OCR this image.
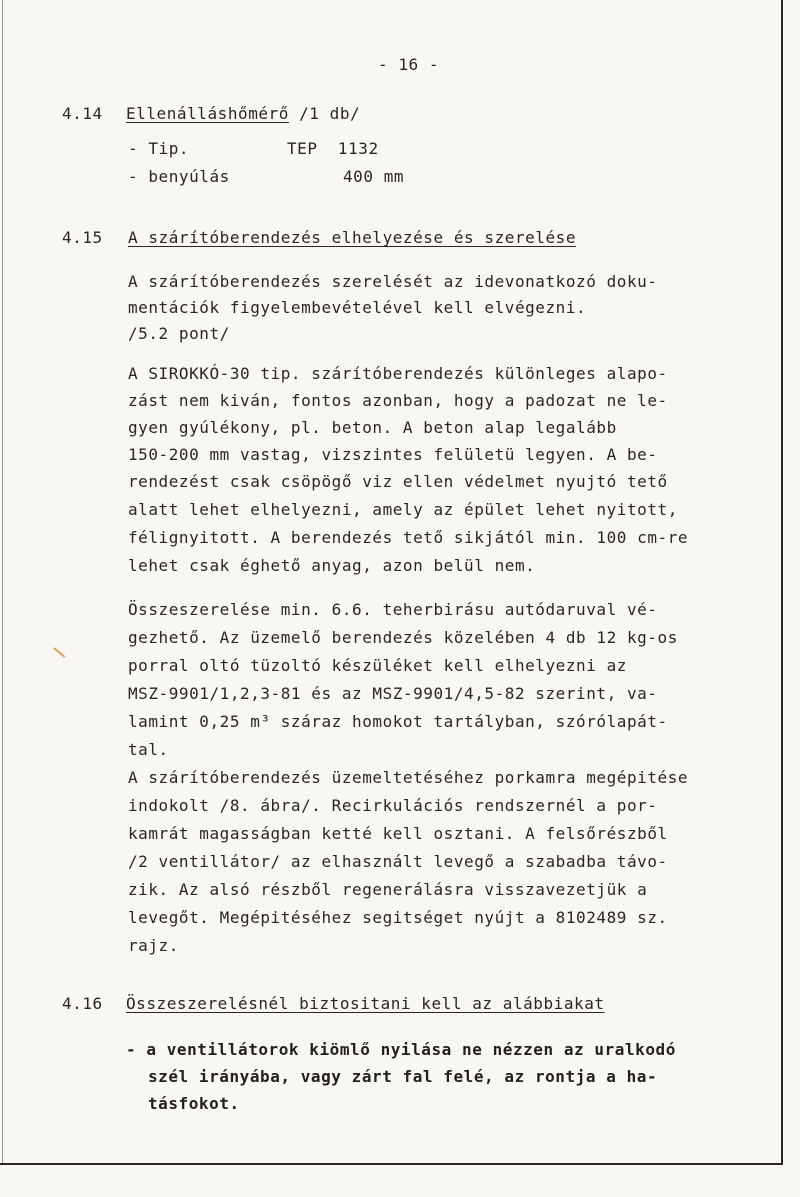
- 16 -
4.14 Ellenálláshőmérő /1 db/
- Tip.	TEP  1132
- benyúlás	400 mm
4.15 A szárítóberendezés elhelyezése és szerelése
A szárítóberendezés szerelését az idevonatkozó doku-
mentációk figyelembevételével kell elvégezni.
/5.2 pont/
A SIROKKÓ-30 tip. szárítóberendezés különleges alapo-
zást nem kiván, fontos azonban, hogy a padozat ne le-
gyen gyúlékony, pl. beton. A beton alap legalább
150-200 mm vastag, vizszintes felületü legyen. A be-
rendezést csak csöpögő viz ellen védelmet nyujtó tető
alatt lehet elhelyezni, amely az épület lehet nyitott,
félignyitott. A berendezés tető sikjától min. 100 cm-re
lehet csak éghető anyag, azon belül nem.
Összeszerelése min. 6.6. teherbirásu autódaruval vé-
gezhető. Az üzemelő berendezés közelében 4 db 12 kg-os
porral oltó tüzoltó készüléket kell elhelyezni az
MSZ-9901/1,2,3-81 és az MSZ-9901/4,5-82 szerint, va-
lamint 0,25 m³ száraz homokot tartályban, szórólapát-
tal.
A szárítóberendezés üzemeltetéséhez porkamra megépitése
indokolt /8. ábra/. Recirkulációs rendszernél a por-
kamrát magasságban ketté kell osztani. A felsőrészből
/2 ventillátor/ az elhasznált levegő a szabadba távo-
zik. Az alsó részből regenerálásra visszavezetjük a
levegőt. Megépitéséhez segitséget nyújt a 8102489 sz.
rajz.
4.16 Összeszerelésnél biztositani kell az alábbiakat
- a ventillátorok kiömlő nyilása ne nézzen az uralkodó
szél irányába, vagy zárt fal felé, az rontja a ha-
tásfokot.
